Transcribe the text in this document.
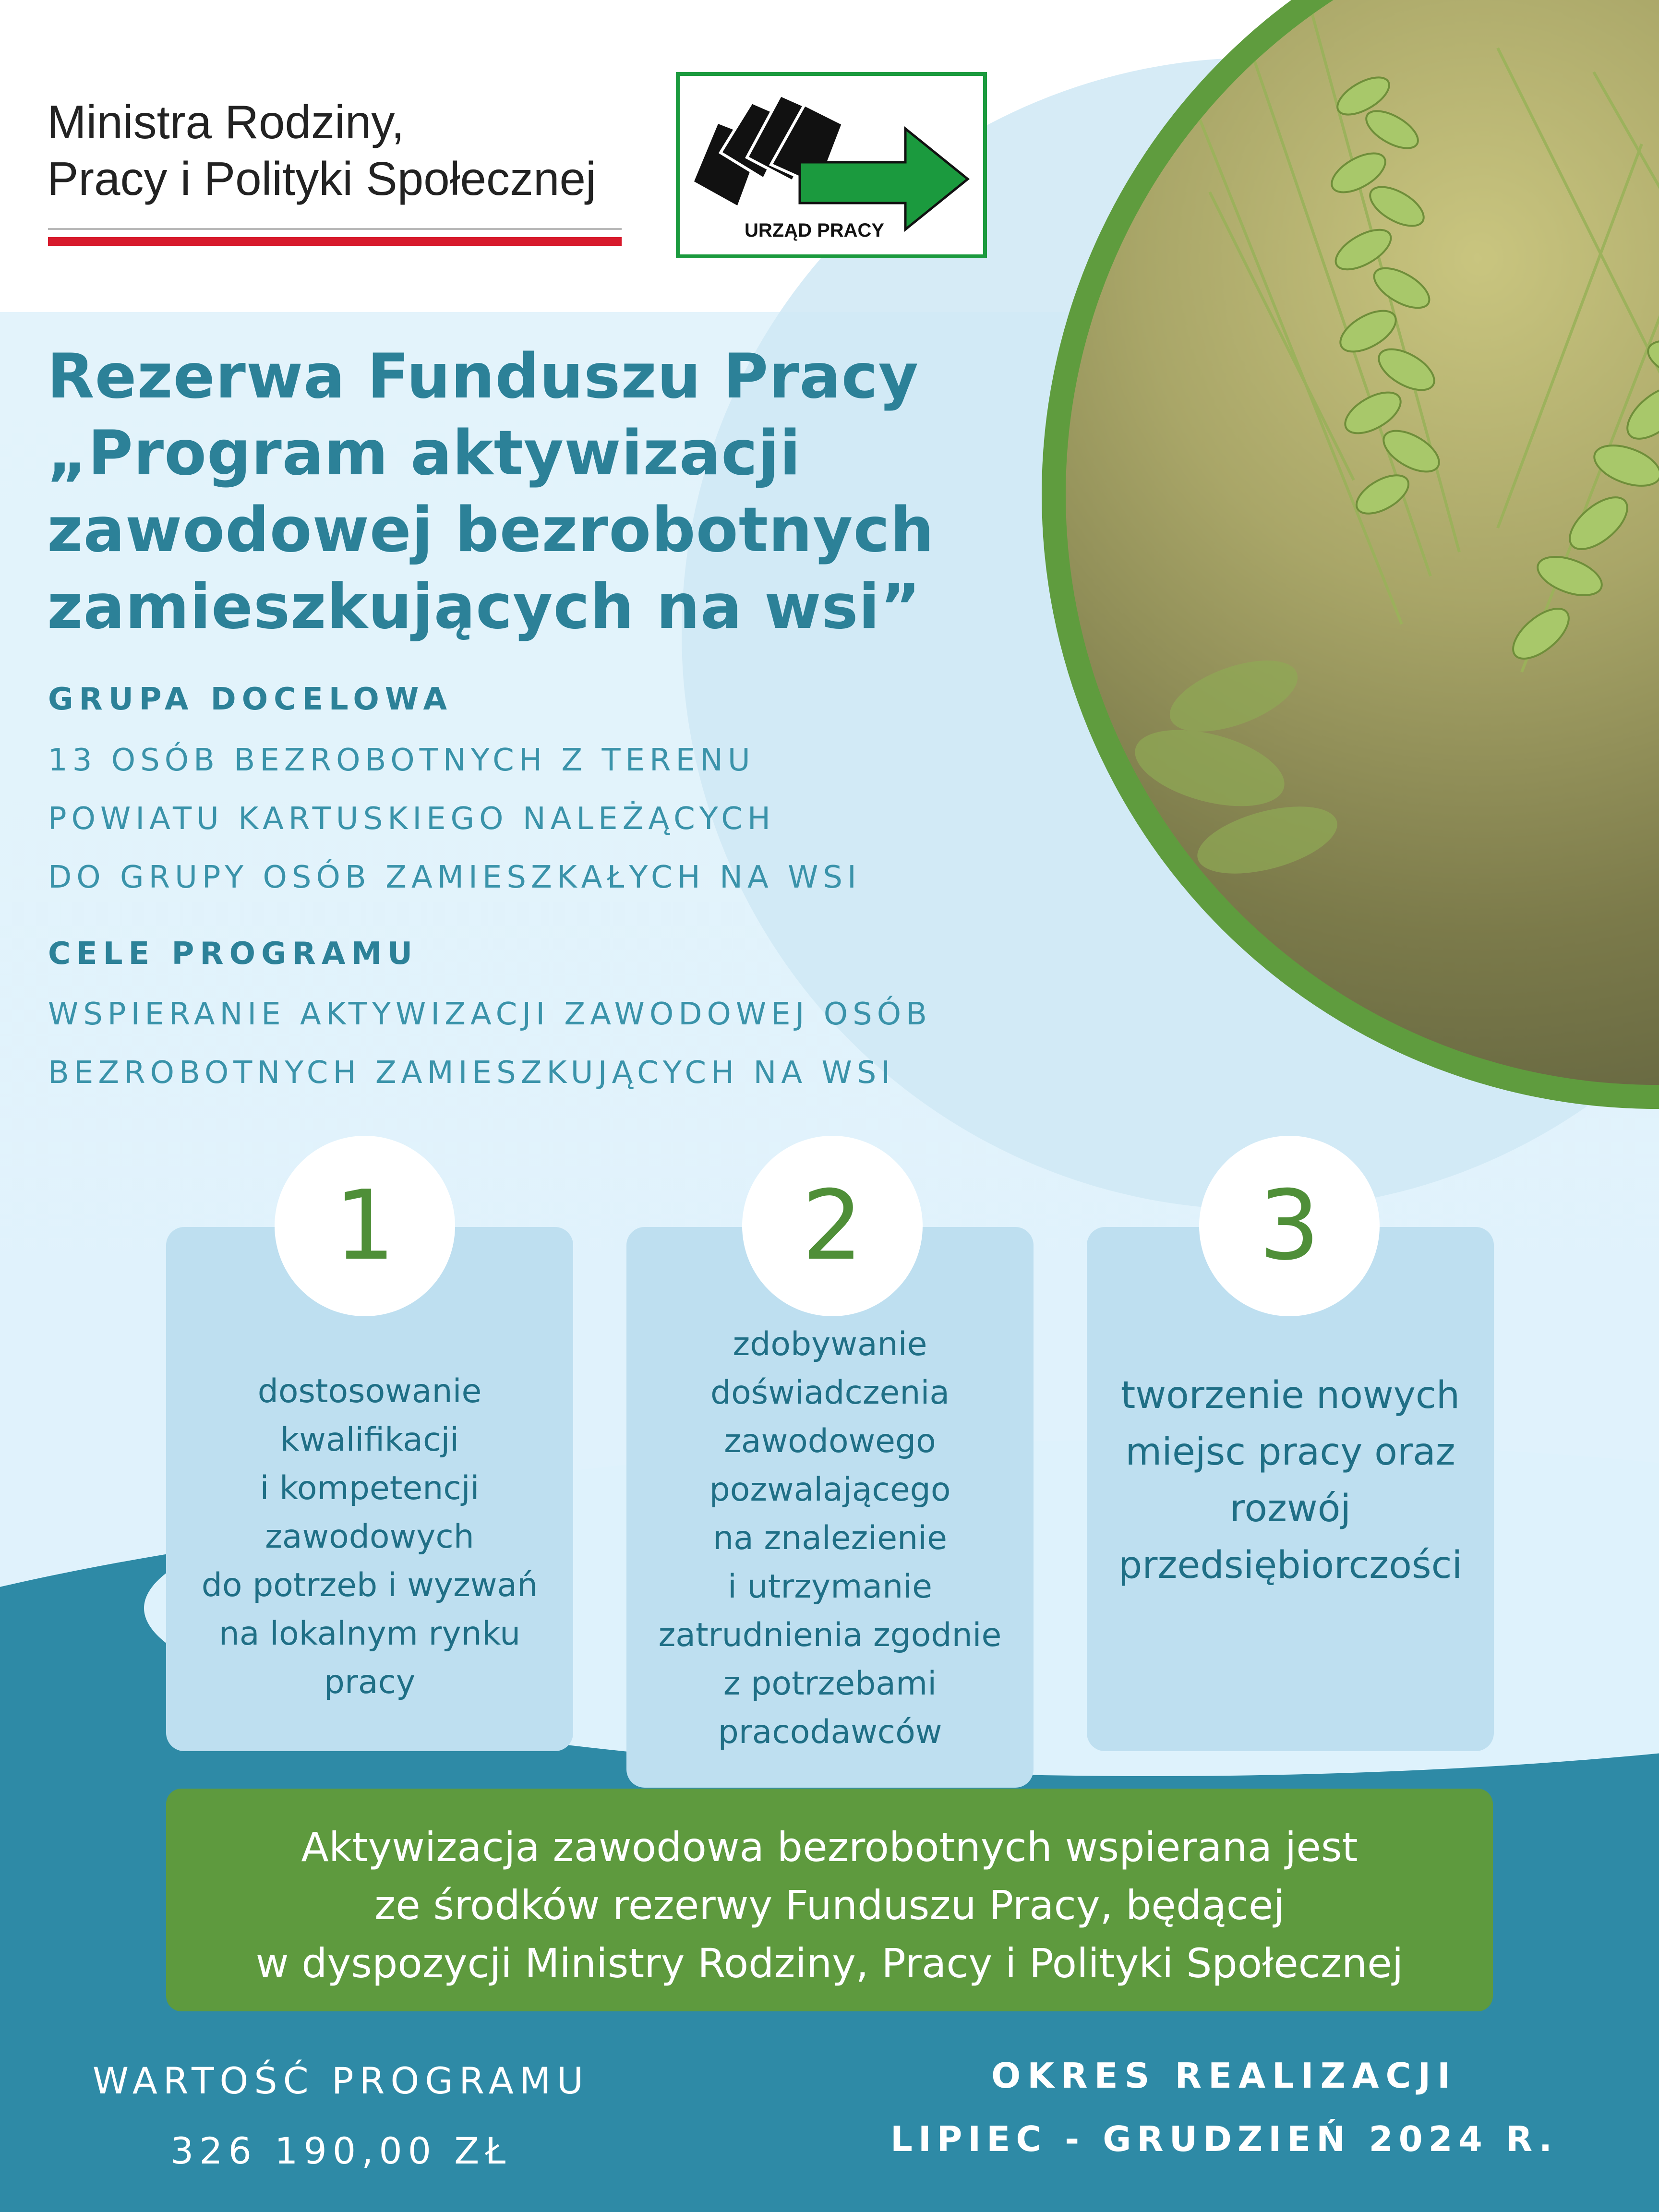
Ministra Rodziny,
Pracy i Polityki Społecznej
URZĄD PRACY
Rezerwa Funduszu Pracy
„Program aktywizacji
zawodowej bezrobotnych
zamieszkujących na wsi”
GRUPA DOCELOWA
13 OSÓB BEZROBOTNYCH Z TERENU
POWIATU KARTUSKIEGO NALEŻĄCYCH
DO GRUPY OSÓB ZAMIESZKAŁYCH NA WSI
CELE PROGRAMU
WSPIERANIE AKTYWIZACJI ZAWODOWEJ OSÓB
BEZROBOTNYCH ZAMIESZKUJĄCYCH NA WSI
1
dostosowanie
kwalifikacji
i kompetencji
zawodowych
do potrzeb i wyzwań
na lokalnym rynku
pracy
2
zdobywanie
doświadczenia
zawodowego
pozwalającego
na znalezienie
i utrzymanie
zatrudnienia zgodnie
z potrzebami
pracodawców
3
tworzenie nowych
miejsc pracy oraz
rozwój
przedsiębiorczości
Aktywizacja zawodowa bezrobotnych wspierana jest
ze środków rezerwy Funduszu Pracy, będącej
w dyspozycji Ministry Rodziny, Pracy i Polityki Społecznej
WARTOŚĆ PROGRAMU
326 190,00 ZŁ
OKRES REALIZACJI
LIPIEC - GRUDZIEŃ 2024 R.
